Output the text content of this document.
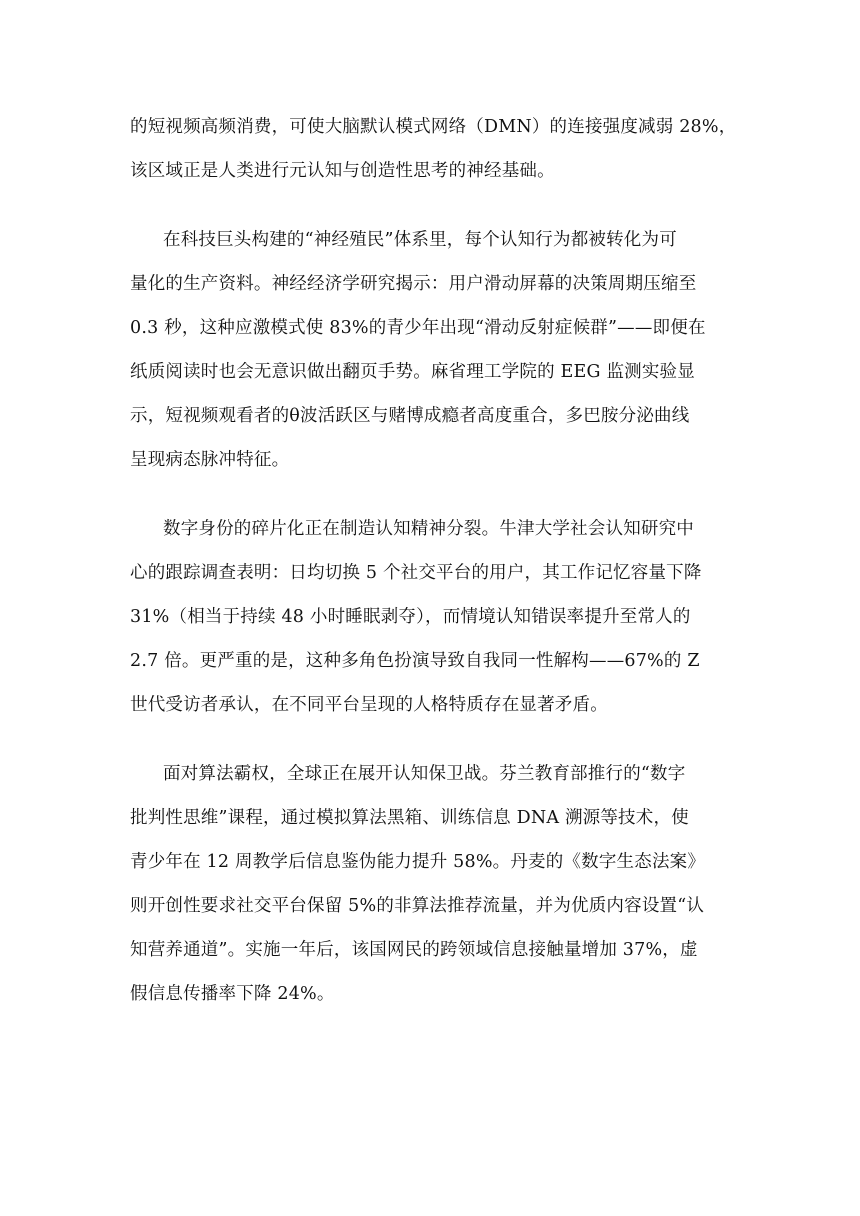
的短视频高频消费，可使大脑默认模式网络（DMN）的连接强度减弱 28%，
该区域正是人类进行元认知与创造性思考的神经基础。
在科技巨头构建的“神经殖民”体系里，每个认知行为都被转化为可
量化的生产资料。神经经济学研究揭示：用户滑动屏幕的决策周期压缩至
0.3 秒，这种应激模式使 83%的青少年出现“滑动反射症候群”——即便在
纸质阅读时也会无意识做出翻页手势。麻省理工学院的 EEG 监测实验显
示，短视频观看者的θ波活跃区与赌博成瘾者高度重合，多巴胺分泌曲线
呈现病态脉冲特征。
数字身份的碎片化正在制造认知精神分裂。牛津大学社会认知研究中
心的跟踪调查表明：日均切换 5 个社交平台的用户，其工作记忆容量下降
31%（相当于持续 48 小时睡眠剥夺），而情境认知错误率提升至常人的
2.7 倍。更严重的是，这种多角色扮演导致自我同一性解构——67%的 Z
世代受访者承认，在不同平台呈现的人格特质存在显著矛盾。
面对算法霸权，全球正在展开认知保卫战。芬兰教育部推行的“数字
批判性思维”课程，通过模拟算法黑箱、训练信息 DNA 溯源等技术，使
青少年在 12 周教学后信息鉴伪能力提升 58%。丹麦的《数字生态法案》
则开创性要求社交平台保留 5%的非算法推荐流量，并为优质内容设置“认
知营养通道”。实施一年后，该国网民的跨领域信息接触量增加 37%，虚
假信息传播率下降 24%。
